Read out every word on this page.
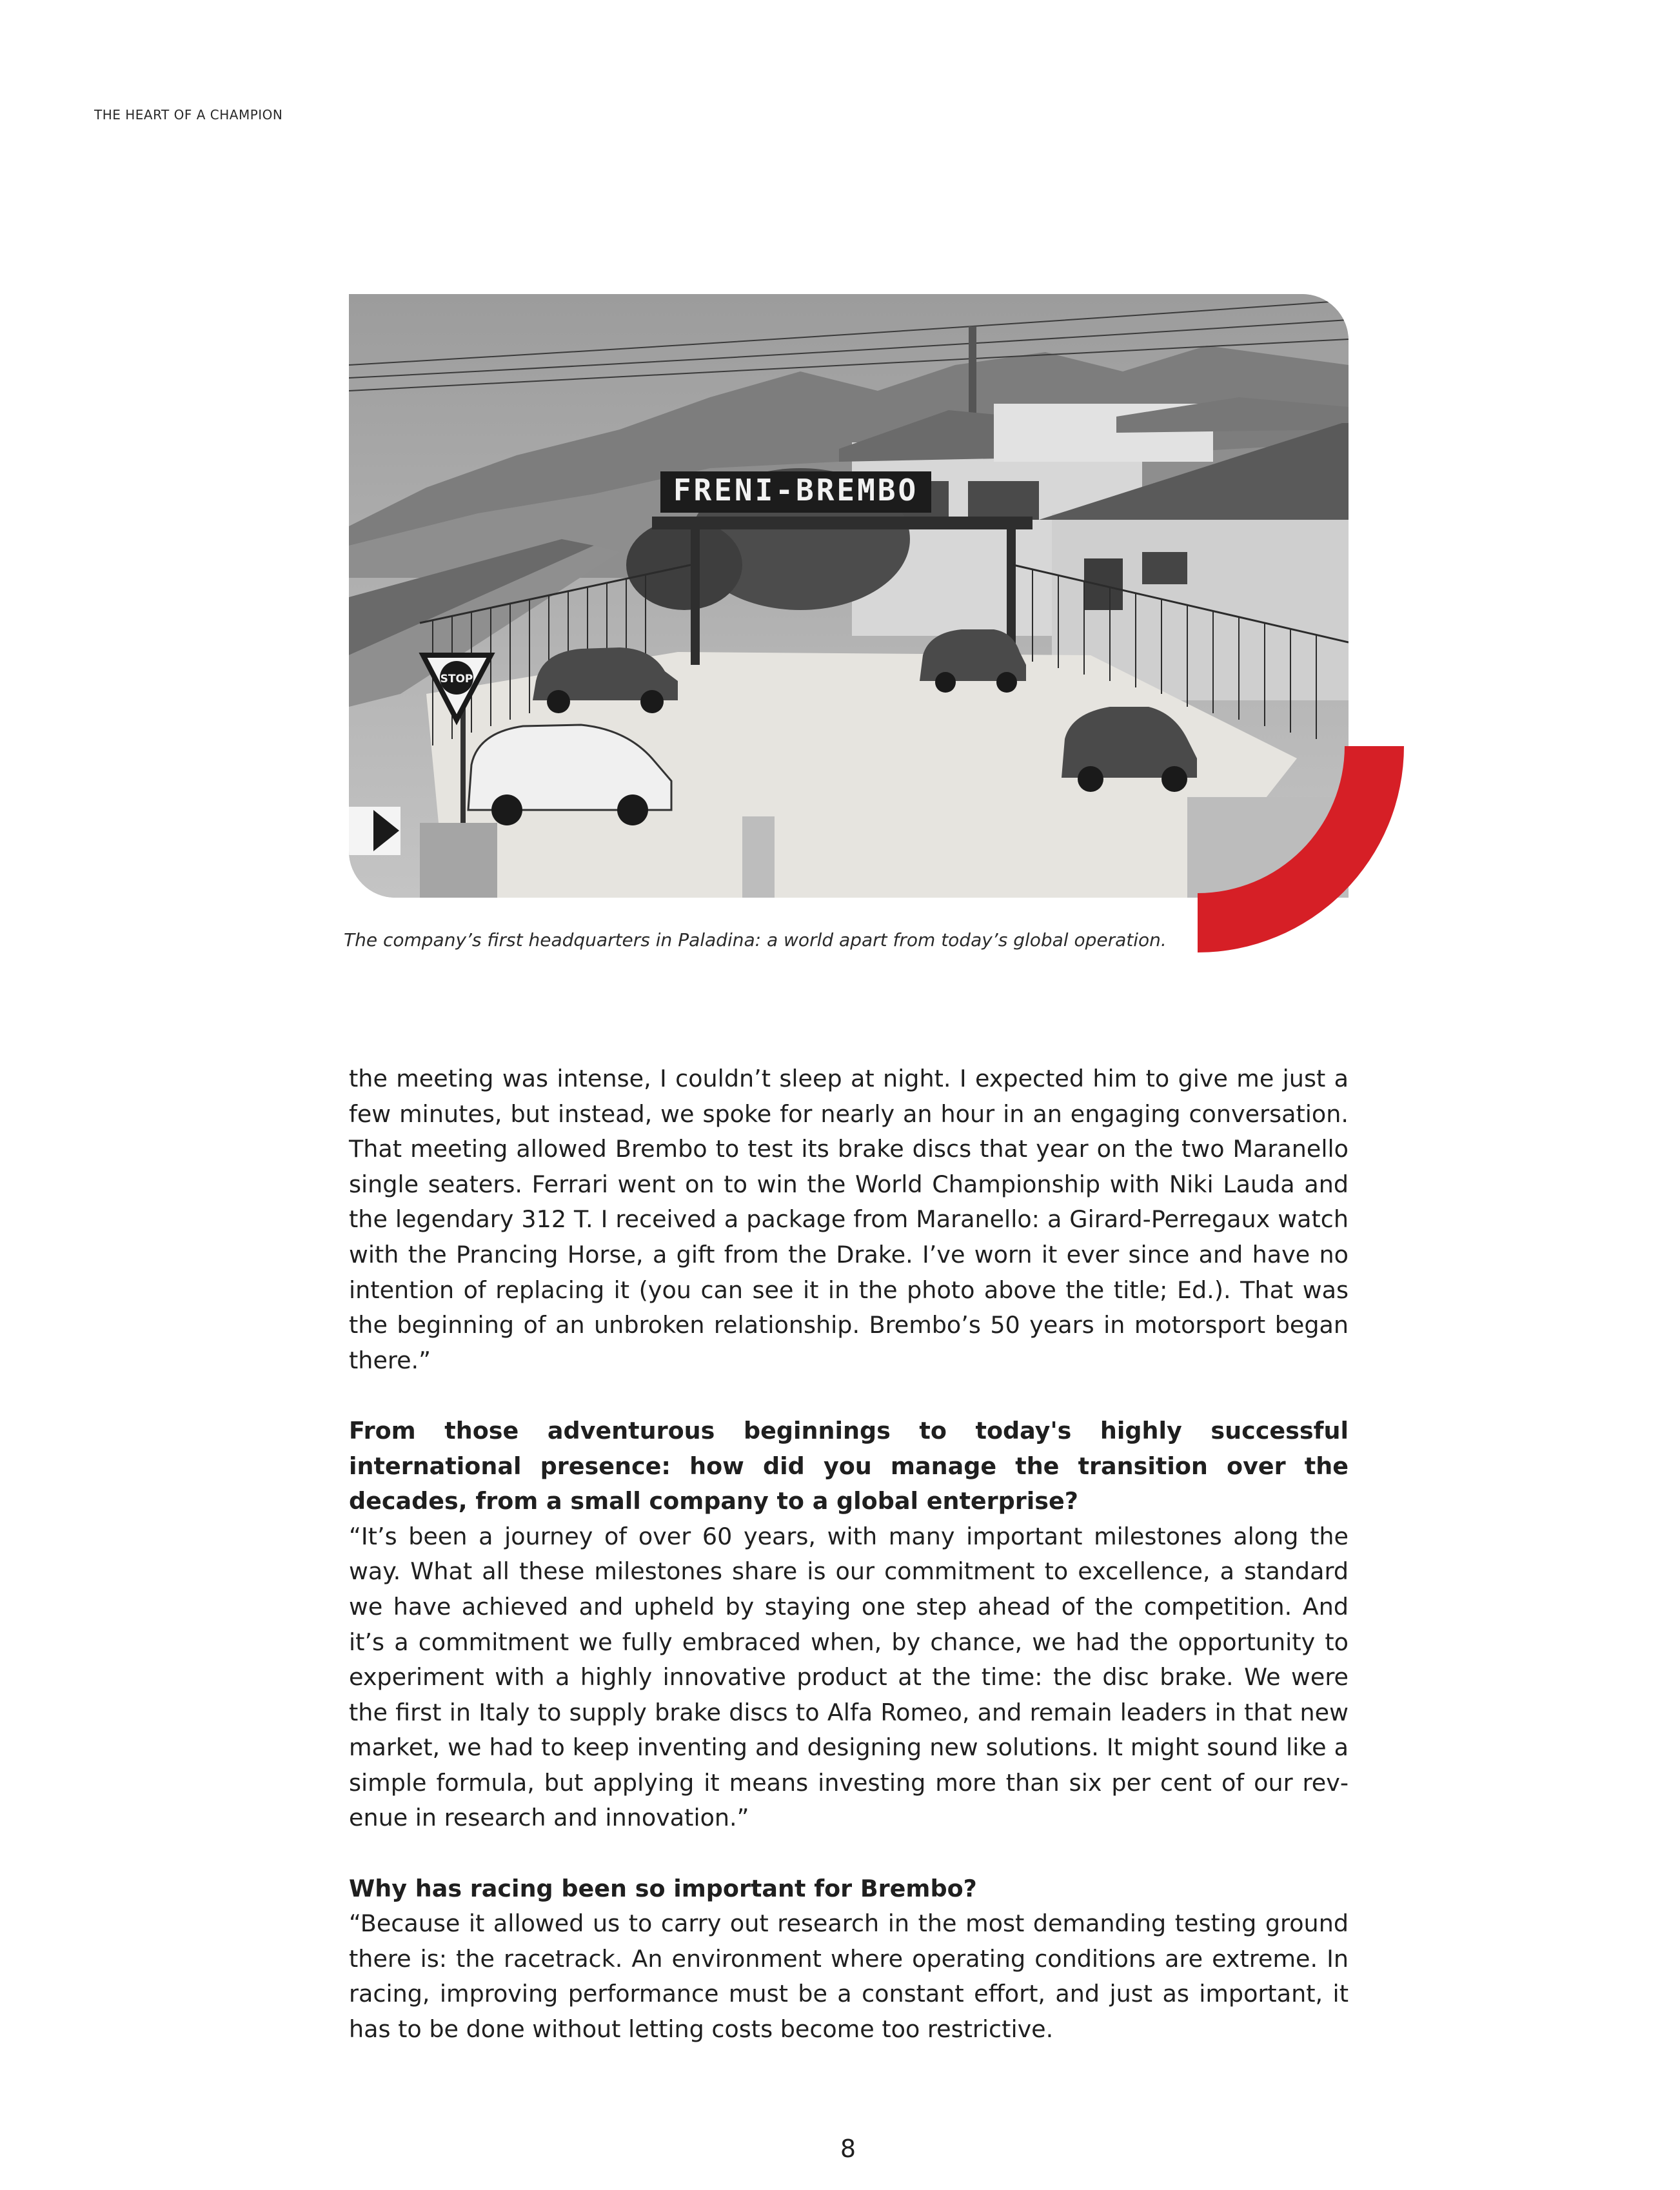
THE HEART OF A CHAMPION
FRENI-BREMBO
STOP
The company’s first headquarters in Paladina: a world apart from today’s global operation.

the meeting was intense, I couldn’t sleep at night. I expected him to give me just a few minutes, but instead, we spoke for nearly an hour in an engaging conversation. That meeting allowed Brembo to test its brake discs that year on the two Maranello single seaters. Ferrari went on to win the World Championship with Niki Lauda and the legendary 312 T. I received a package from Maranello: a Girard-Perregaux watch with the Prancing Horse, a gift from the Drake. I’ve worn it ever since and have no intention of replacing it (you can see it in the photo above the title; Ed.). That was the beginning of an unbroken relationship. Brembo’s 50 years in motorsport began there.”

From those adventurous beginnings to today's highly successful international presence: how did you manage the transition over the decades, from a small company to a global enterprise?

“It’s been a journey of over 60 years, with many important milestones along the way. What all these milestones share is our commitment to excellence, a standard we have achieved and upheld by staying one step ahead of the competition. And it’s a commitment we fully embraced when, by chance, we had the opportunity to experiment with a highly innovative product at the time: the disc brake. We were the first in Italy to supply brake discs to Alfa Romeo, and remain leaders in that new market, we had to keep inventing and designing new solutions. It might sound like a simple formula, but applying it means investing more than six per cent of our revenue in research and innovation.”

Why has racing been so important for Brembo?

“Because it allowed us to carry out research in the most demanding testing ground there is: the racetrack. An environment where operating conditions are extreme. In racing, improving performance must be a constant effort, and just as important, it has to be done without letting costs become too restrictive.

8
